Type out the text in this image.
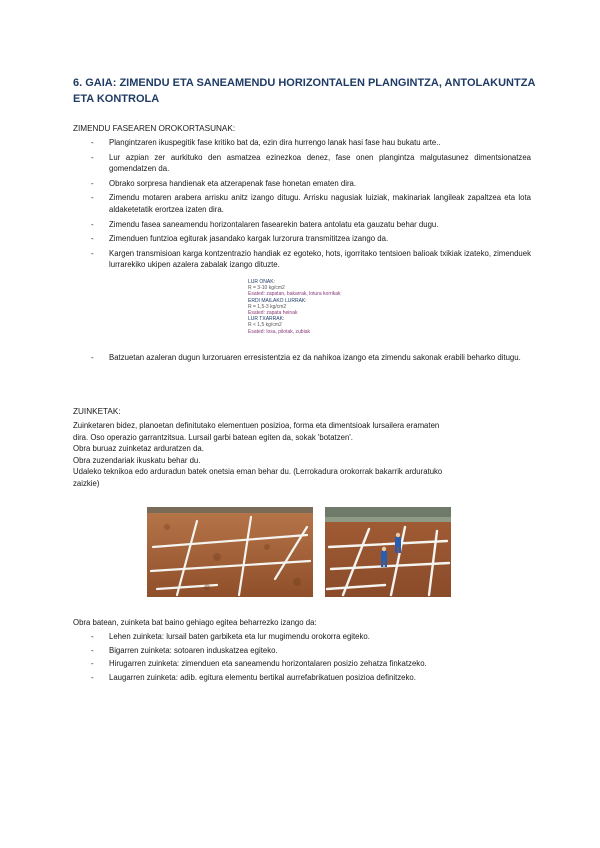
6. GAIA: ZIMENDU ETA SANEAMENDU HORIZONTALEN PLANGINTZA, ANTOLAKUNTZA ETA KONTROLA
ZIMENDU FASEAREN OROKORTASUNAK:
- Plangintzaren ikuspegitik fase kritiko bat da, ezin dira hurrengo lanak hasi fase hau bukatu arte..
- Lur azpian zer aurkituko den asmatzea ezinezkoa denez, fase onen plangintza malgutasunez dimentsionatzea gomendatzen da.
- Obrako sorpresa handienak eta atzerapenak fase honetan ematen dira.
- Zimendu motaren arabera arrisku anitz izango ditugu. Arrisku nagusiak luiziak, makinariak langileak zapaltzea eta lota aldaketetatik erortzea izaten dira.
- Zimendu fasea saneamendu horizontalaren fasearekin batera antolatu eta gauzatu behar dugu.
- Zimenduen funtzioa egiturak jasandako kargak lurzorura transmititzea izango da.
- Kargen transmisioan karga kontzentrazio handiak ez egoteko, hots, igorritako tentsioen balioak txikiak izateko, zimenduek lurrarekiko ukipen azalera zabalak izango dituzte.
LUR ONAK:
R = 3-10 kg/cm2
Esated: zapatan, bakarrak, lotura korrikak
ERDI MAILAKO LURRAK:
R = 1,5-3 kg/cm2
Esated: zapata heinak
LUR TXARRAK:
R < 1,5 kg/cm2
Esated: losa, pilotak, zubiak
- Batzuetan azaleran dugun lurzoruaren erresistentzia ez da nahikoa izango eta zimendu sakonak erabili beharko ditugu.
ZUINKETAK:
Zuinketaren bidez, planoetan definitutako elementuen posizioa, forma eta dimentsioak lursailera eramaten
dira. Oso operazio garrantzitsua. Lursail garbi batean egiten da, sokak 'botatzen'.
Obra buruaz zuinketaz arduratzen da.
Obra zuzendariak ikuskatu behar du.
Udaleko teknikoa edo arduradun batek onetsia eman behar du. (Lerrokadura orokorrak bakarrik arduratuko
zaizkie)
Obra batean, zuinketa bat baino gehiago egitea beharrezko izango da:
- Lehen zuinketa: lursail baten garbiketa eta lur mugimendu orokorra egiteko.
- Bigarren zuinketa: sotoaren induskatzea egiteko.
- Hirugarren zuinketa: zimenduen eta saneamendu horizontalaren posizio zehatza finkatzeko.
- Laugarren zuinketa: adib. egitura elementu bertikal aurrefabrikatuen posizioa definitzeko.
